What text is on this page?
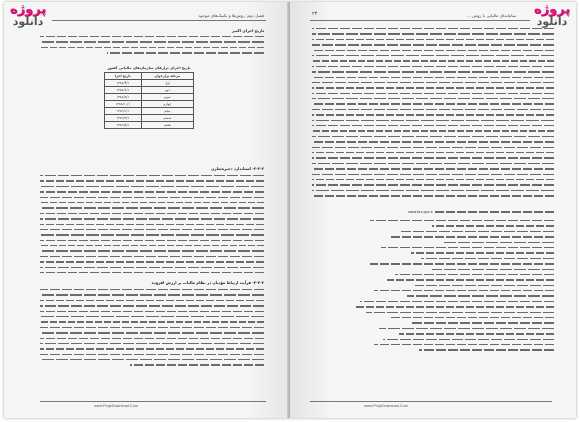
پروژه
دانلود	فصل دوم: روش‌ها و تکنیک‌های موجود
تاریخ اجرای اکتبر
تاریخ اجرای تراز‌های سازمان‌های مالیاتی کشور
مرحله تراز‌خوان	تاریخ اجرا
اول	۱۳۸۸/۴/۱
دوم	۱۳۸۸/۶/۱
سوم	۱۳۸۸/۸/۱
چهارم	۱۳۸۸/۱۰/۱
پنجم	۱۳۸۹/۱/۱
ششم	۱۳۸۹/۳/۱
هفتم	۱۳۸۹/۵/۱
۲-۲-۲- استاندارد ذخیره‌سازی
۲-۲-۳- فرآیند ارتباط مؤدیان در نظام مالیات بر ارزش افزوده
www.ProjeDownload.Com
پروژه
دانلود
۲۴	سامانه‌ای مالیاتی با روش ...
www.tax.gov.ir
www.ProjeDownload.Com
